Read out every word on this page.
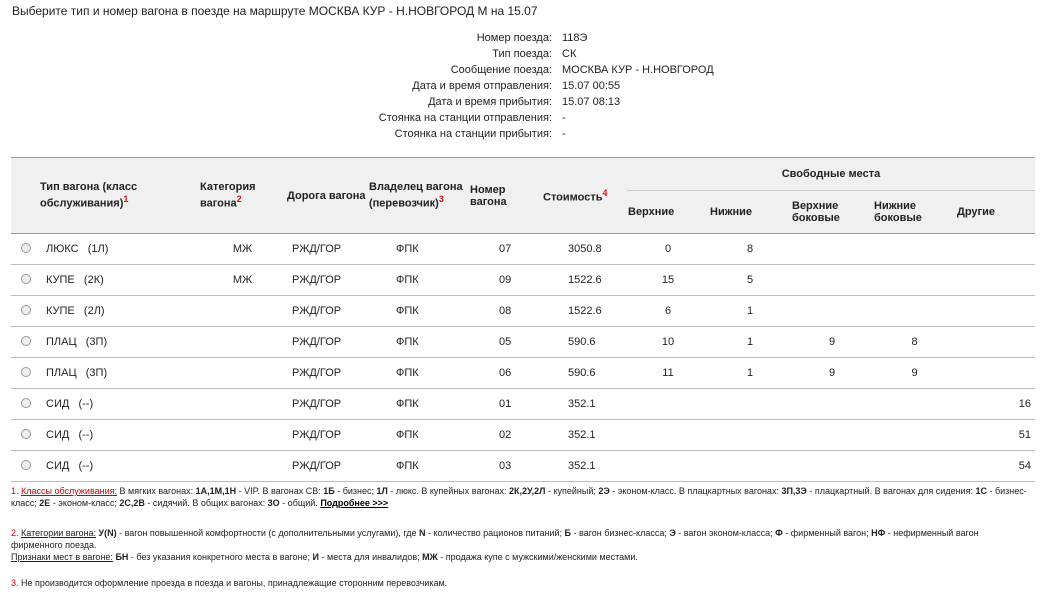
Выберите тип и номер вагона в поезде на маршруте МОСКВА КУР - Н.НОВГОРОД М на 15.07
Номер поезда: 118Э
Тип поезда: СК
Сообщение поезда: МОСКВА КУР - Н.НОВГОРОД
Дата и время отправления: 15.07 00:55
Дата и время прибытия: 15.07 08:13
Стоянка на станции отправления: -
Стоянка на станции прибытия: -
	Тип вагона (класс обслуживания)$^1$	Категория вагона$^2$	Дорога вагона	Владелец вагона (перевозчик)$^3$	Номер вагона	Стоимость$^4$	Свободные места				
							Верхние	Нижние	Верхние боковые	Нижние боковые	Другие
	ЛЮКС   (1Л)	МЖ	РЖД/ГОР	ФПК	07	3050.8	0	8			
	КУПЕ   (2К)	МЖ	РЖД/ГОР	ФПК	09	1522.6	15	5			
	КУПЕ   (2Л)		РЖД/ГОР	ФПК	08	1522.6	6	1			
	ПЛАЦ   (3П)		РЖД/ГОР	ФПК	05	590.6	10	1	9	8	
	ПЛАЦ   (3П)		РЖД/ГОР	ФПК	06	590.6	11	1	9	9	
	СИД   (--)		РЖД/ГОР	ФПК	01	352.1					16
	СИД   (--)		РЖД/ГОР	ФПК	02	352.1					51
	СИД   (--)		РЖД/ГОР	ФПК	03	352.1					54
1. Классы обслуживания: В мягких вагонах: 1А,1М,1Н - VIP. В вагонах СВ: 1Б - бизнес; 1Л - люкс. В купейных вагонах: 2К,2У,2Л - купейный; 2Э - эконом-класс. В плацкартных вагонах: 3П,3Э - плацкартный. В вагонах для сидения: 1С - бизнес-класс; 2Е - эконом-класс; 2С,2В - сидячий. В общих вагонах: 3О - общий. Подробнее >>>
2. Категории вагона: У(N) - вагон повышенной комфортности (с дополнительными услугами), где N - количество рационов питаний; Б - вагон бизнес-класса; Э - вагон эконом-класса; Ф - фирменный вагон; НФ - нефирменный вагон фирменного поезда.
Признаки мест в вагоне: БН - без указания конкретного места в вагоне; И - места для инвалидов; МЖ - продажа купе с мужскими/женскими местами.
3. Не производится оформление проезда в поезда и вагоны, принадлежащие сторонним перевозчикам.
